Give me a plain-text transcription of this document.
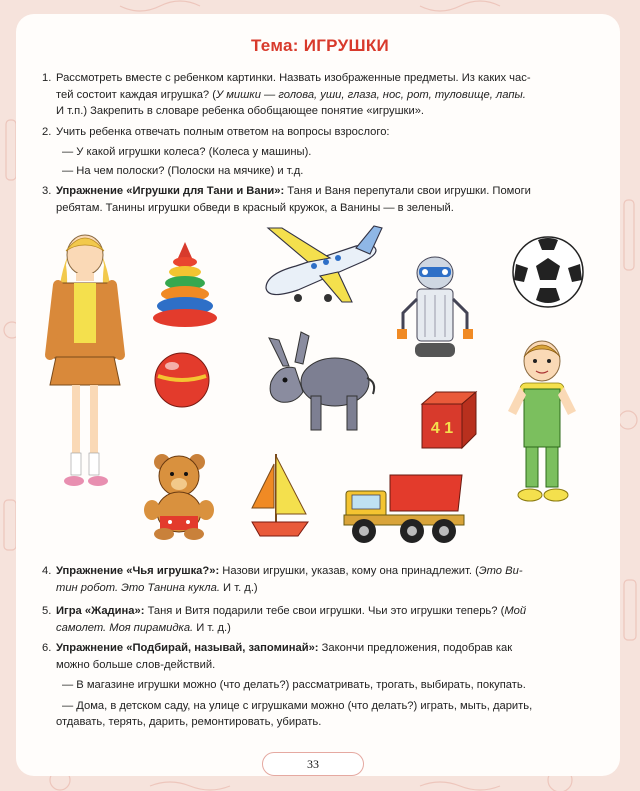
Тема: ИГРУШКИ
1. Рассмотреть вместе с ребенком картинки. Назвать изображенные предметы. Из каких час-
тей состоит каждая игрушка? (У мишки — голова, уши, глаза, нос, рот, туловище, лапы.
И т.п.) Закрепить в словаре ребенка обобщающее понятие «игрушки».
2. Учить ребенка отвечать полным ответом на вопросы взрослого:
— У какой игрушки колеса? (Колеса у машины).
— На чем полоски? (Полоски на мячике) и т.д.
3. Упражнение «Игрушки для Тани и Вани»: Таня и Ваня перепутали свои игрушки. Помоги
ребятам. Танины игрушки обведи в красный кружок, а Ванины — в зеленый.
4 1
4. Упражнение «Чья игрушка?»: Назови игрушки, указав, кому она принадлежит. (Это Ви-
тин робот. Это Танина кукла. И т. д.)
5. Игра «Жадина»: Таня и Витя подарили тебе свои игрушки. Чьи это игрушки теперь? (Мой
самолет. Моя пирамидка. И т. д.)
6. Упражнение «Подбирай, называй, запоминай»: Закончи предложения, подобрав как
можно больше слов-действий.
— В магазине игрушки можно (что делать?) рассматривать, трогать, выбирать, покупать.
— Дома, в детском саду, на улице с игрушками можно (что делать?) играть, мыть, дарить,
отдавать, терять, дарить, ремонтировать, убирать.
33
